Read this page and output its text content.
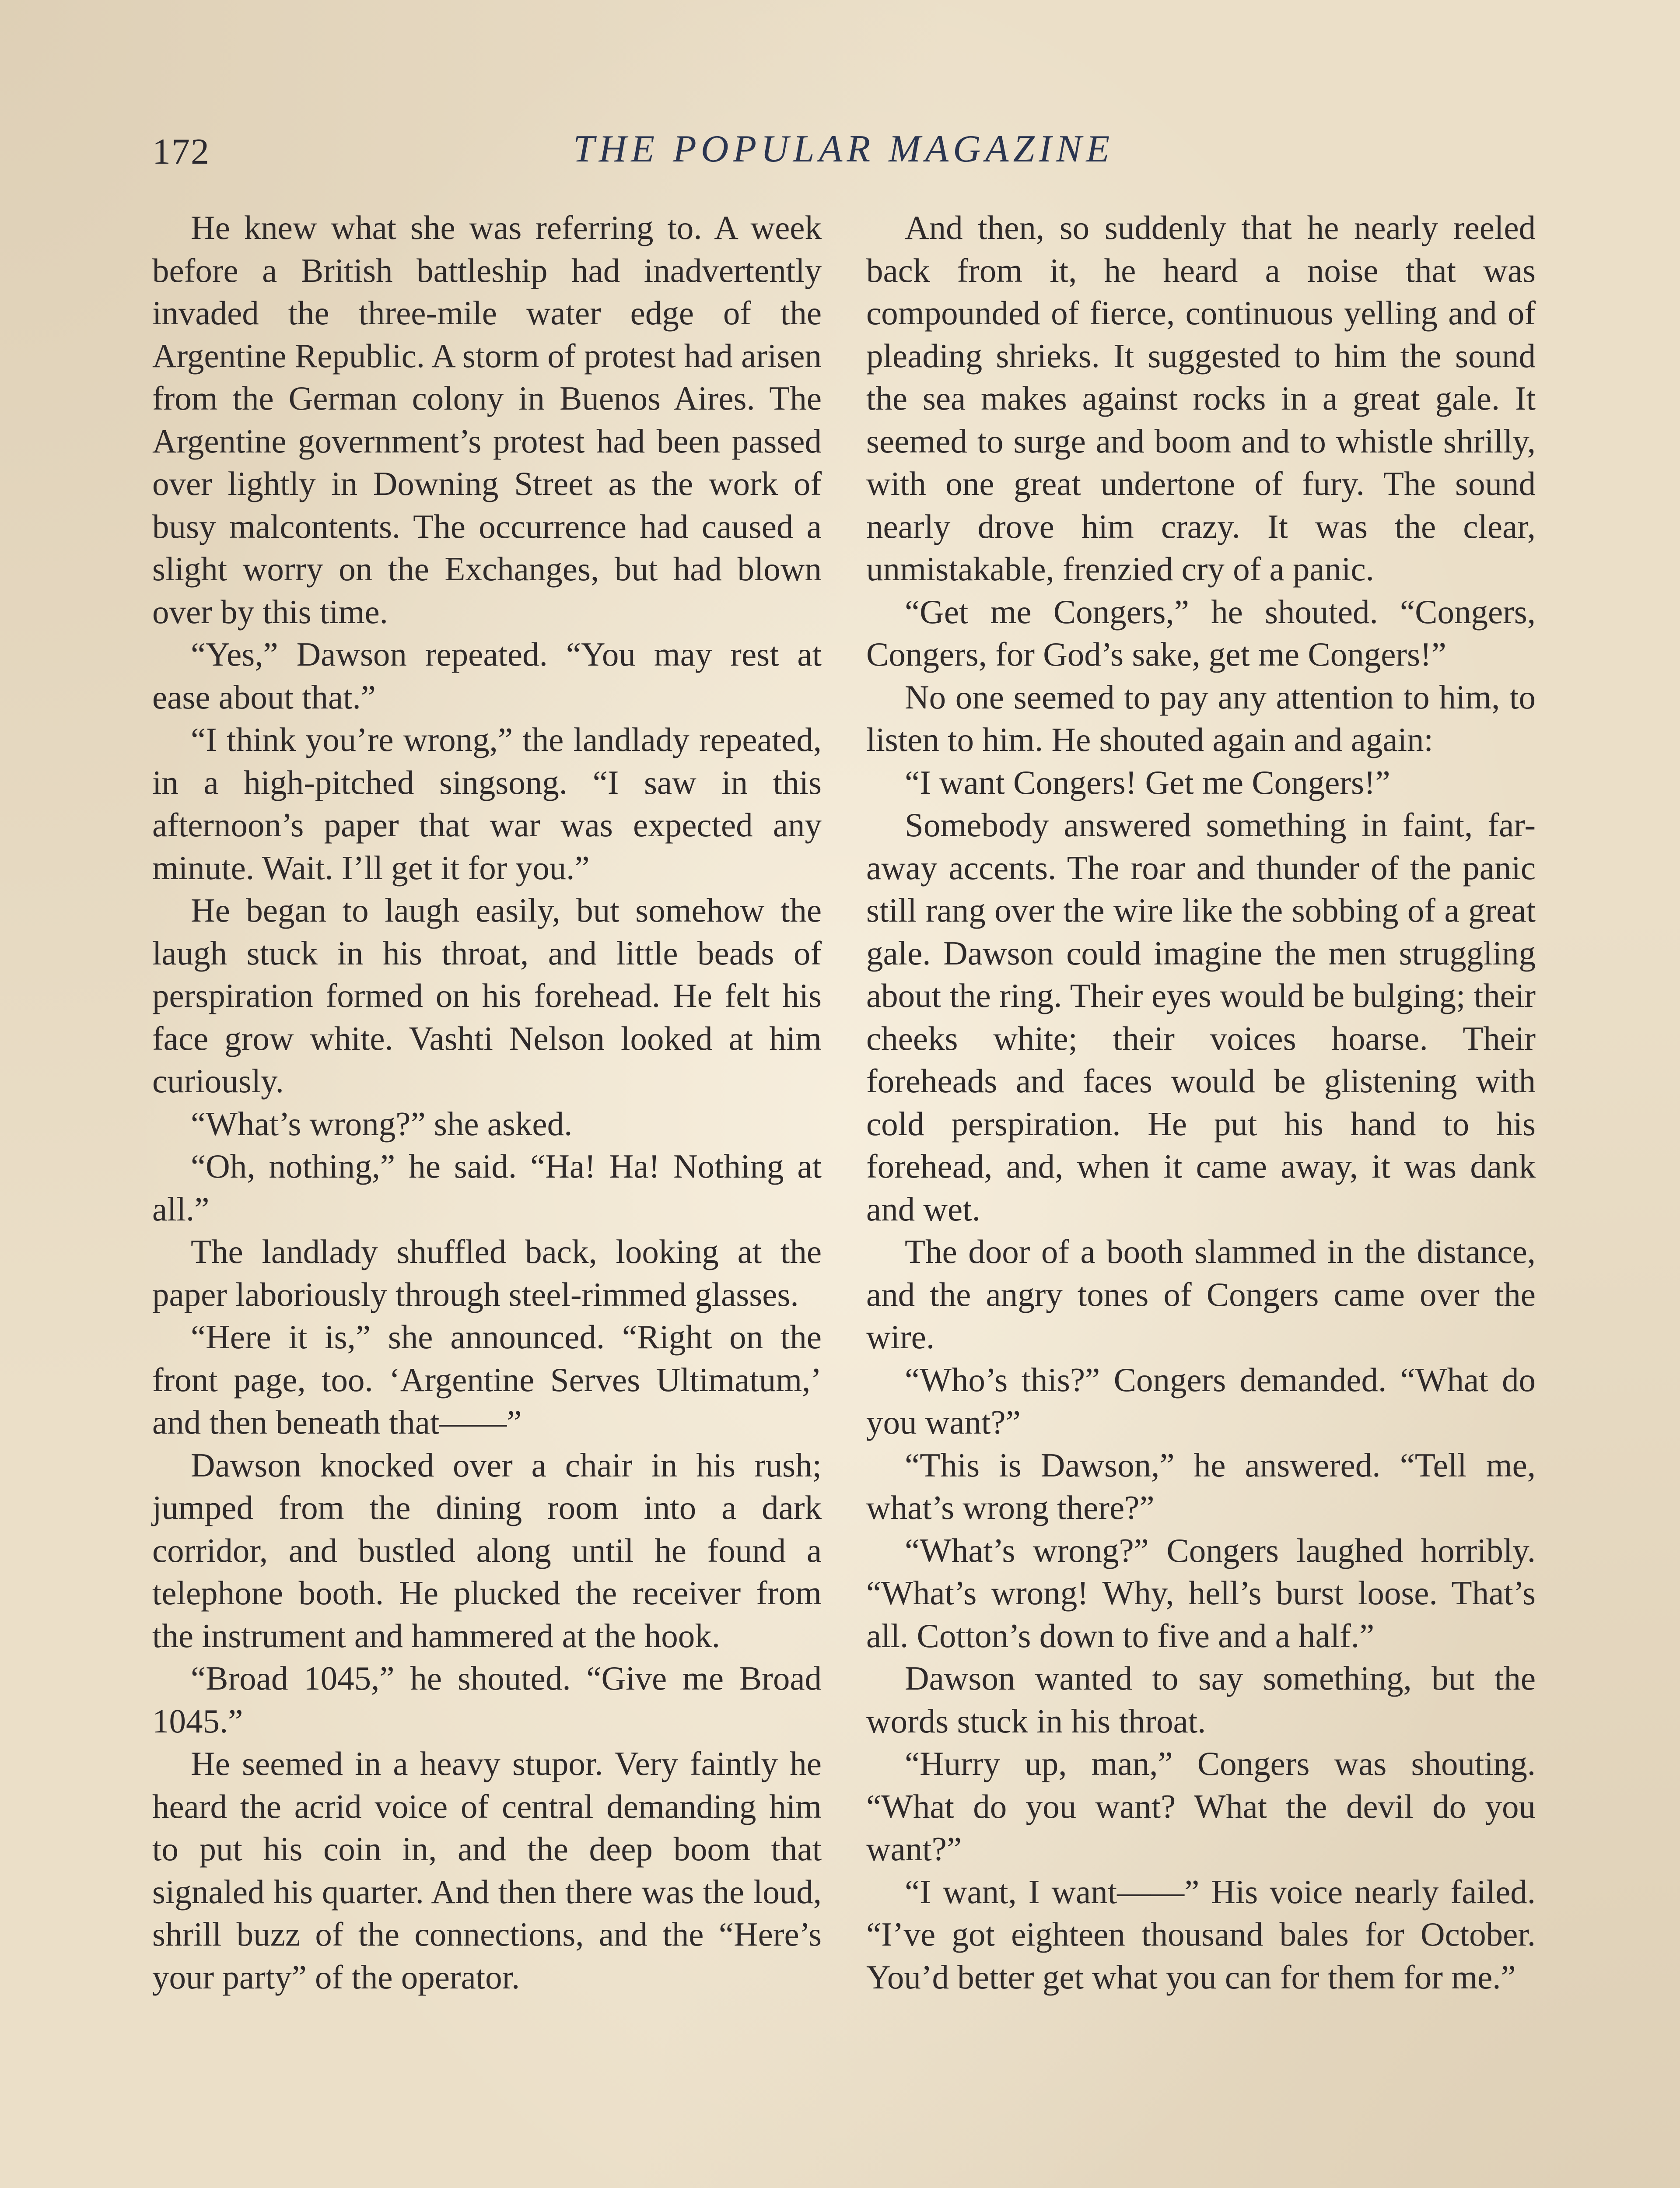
172	THE POPULAR MAGAZINE

He knew what she was referring to. A week before a British battleship had inadvertently invaded the three-mile water edge of the Argentine Republic. A storm of protest had arisen from the German colony in Buenos Aires. The Argentine government’s protest had been passed over lightly in Downing Street as the work of busy malcontents. The occurrence had caused a slight worry on the Exchanges, but had blown over by this time.

“Yes,” Dawson repeated. “You may rest at ease about that.”

“I think you’re wrong,” the landlady repeated, in a high-pitched singsong. “I saw in this afternoon’s paper that war was expected any minute. Wait. I’ll get it for you.”

He began to laugh easily, but somehow the laugh stuck in his throat, and little beads of perspiration formed on his forehead. He felt his face grow white. Vashti Nelson looked at him curiously.

“What’s wrong?” she asked.

“Oh, nothing,” he said. “Ha! Ha! Nothing at all.”

The landlady shuffled back, looking at the paper laboriously through steel-rimmed glasses.

“Here it is,” she announced. “Right on the front page, too. ‘Argentine Serves Ultimatum,’ and then beneath that——”

Dawson knocked over a chair in his rush; jumped from the dining room into a dark corridor, and bustled along until he found a telephone booth. He plucked the receiver from the instrument and hammered at the hook.

“Broad 1045,” he shouted. “Give me Broad 1045.”

He seemed in a heavy stupor. Very faintly he heard the acrid voice of central demanding him to put his coin in, and the deep boom that signaled his quarter. And then there was the loud, shrill buzz of the connections, and the “Here’s your party” of the operator.

And then, so suddenly that he nearly reeled back from it, he heard a noise that was compounded of fierce, continuous yelling and of pleading shrieks. It suggested to him the sound the sea makes against rocks in a great gale. It seemed to surge and boom and to whistle shrilly, with one great undertone of fury. The sound nearly drove him crazy. It was the clear, unmistakable, frenzied cry of a panic.

“Get me Congers,” he shouted. “Congers, Congers, for God’s sake, get me Congers!”

No one seemed to pay any attention to him, to listen to him. He shouted again and again:

“I want Congers! Get me Congers!”

Somebody answered something in faint, far-away accents. The roar and thunder of the panic still rang over the wire like the sobbing of a great gale. Dawson could imagine the men struggling about the ring. Their eyes would be bulging; their cheeks white; their voices hoarse. Their foreheads and faces would be glistening with cold perspiration. He put his hand to his forehead, and, when it came away, it was dank and wet.

The door of a booth slammed in the distance, and the angry tones of Congers came over the wire.

“Who’s this?” Congers demanded. “What do you want?”

“This is Dawson,” he answered. “Tell me, what’s wrong there?”

“What’s wrong?” Congers laughed horribly. “What’s wrong! Why, hell’s burst loose. That’s all. Cotton’s down to five and a half.”

Dawson wanted to say something, but the words stuck in his throat.

“Hurry up, man,” Congers was shouting. “What do you want? What the devil do you want?”

“I want, I want——” His voice nearly failed. “I’ve got eighteen thousand bales for October. You’d better get what you can for them for me.”
